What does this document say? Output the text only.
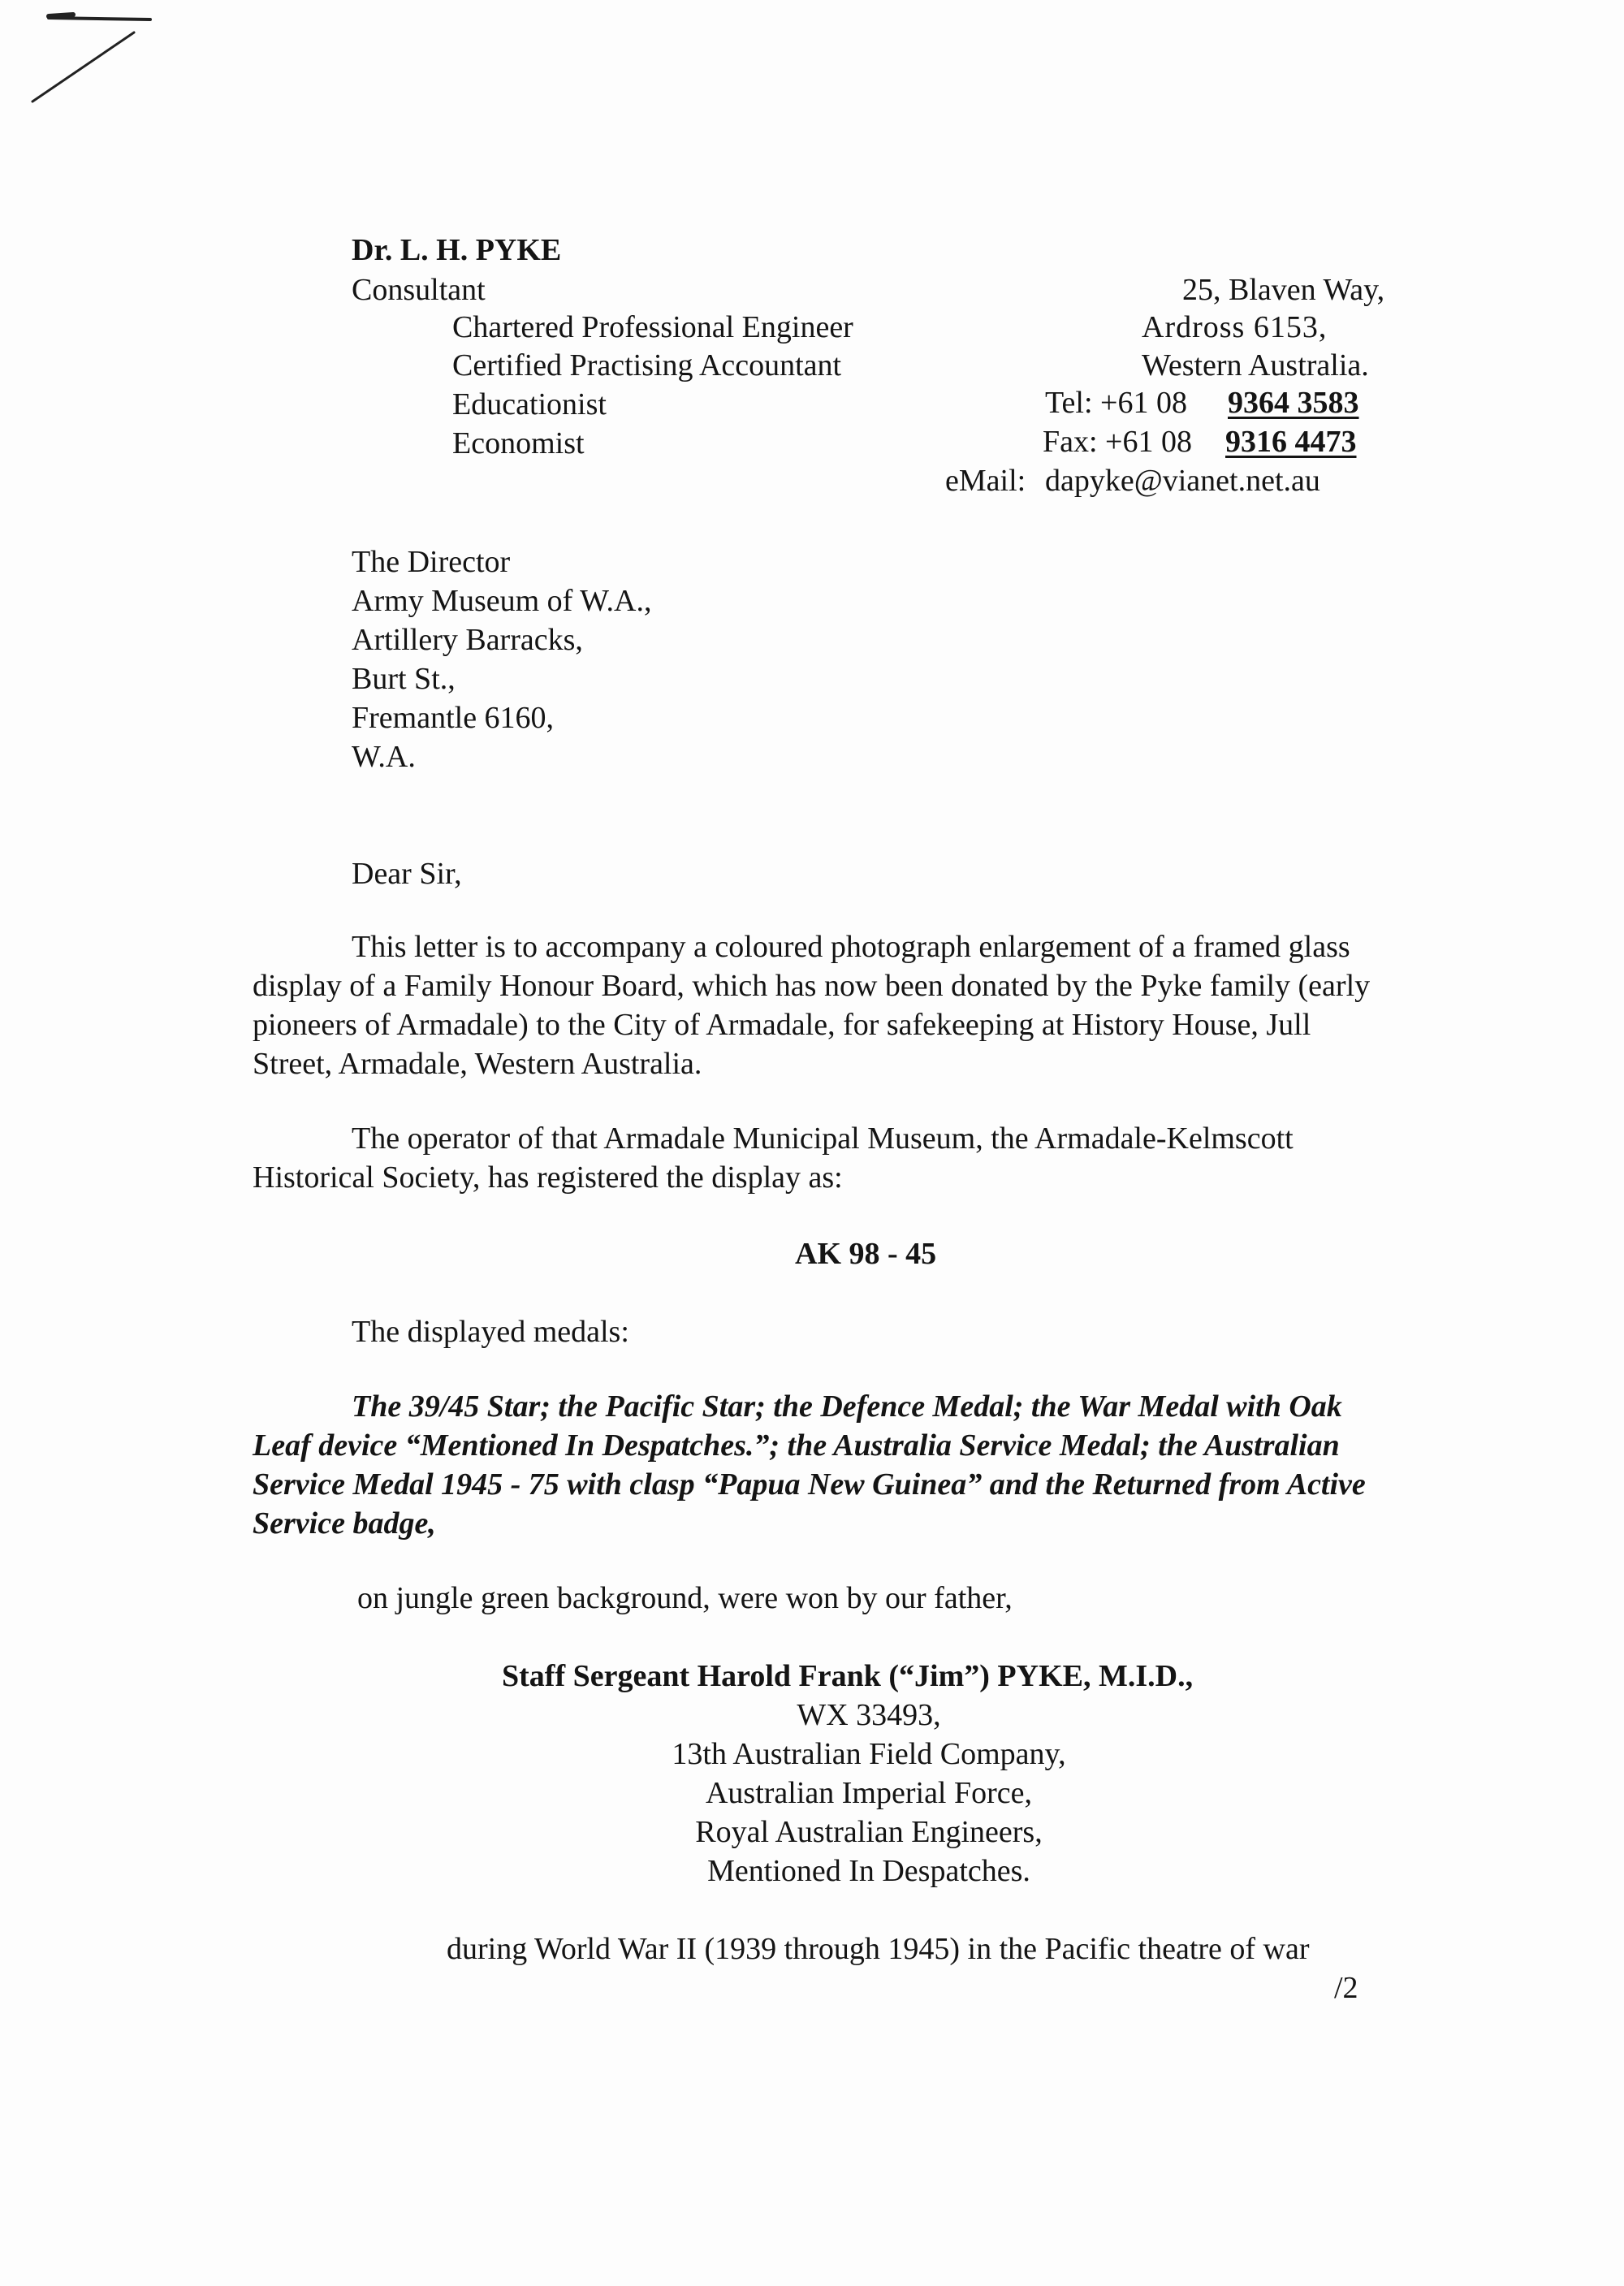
Dr. L. H. PYKE
Consultant
Chartered Professional Engineer
Certified Practising Accountant
Educationist
Economist
25, Blaven Way,
Ardross 6153,
Western Australia.
Tel: +61 08 9364 3583
Fax: +61 08 9316 4473
eMail: dapyke@vianet.net.au
The Director
Army Museum of W.A.,
Artillery Barracks,
Burt St.,
Fremantle 6160,
W.A.
Dear Sir,
This letter is to accompany a coloured photograph enlargement of a framed glass display of a Family Honour Board, which has now been donated by the Pyke family (early pioneers of Armadale) to the City of Armadale, for safekeeping at History House, Jull Street, Armadale, Western Australia.
The operator of that Armadale Municipal Museum, the Armadale-Kelmscott Historical Society, has registered the display as:
AK 98 - 45
The displayed medals:
The 39/45 Star; the Pacific Star; the Defence Medal; the War Medal with Oak Leaf device “Mentioned In Despatches.”; the Australia Service Medal; the Australian Service Medal 1945 - 75 with clasp “Papua New Guinea” and the Returned from Active Service badge,
on jungle green background, were won by our father,
Staff Sergeant Harold Frank (“Jim”) PYKE, M.I.D.,
WX 33493,
13th Australian Field Company,
Australian Imperial Force,
Royal Australian Engineers,
Mentioned In Despatches.
during World War II (1939 through 1945) in the Pacific theatre of war
/2
